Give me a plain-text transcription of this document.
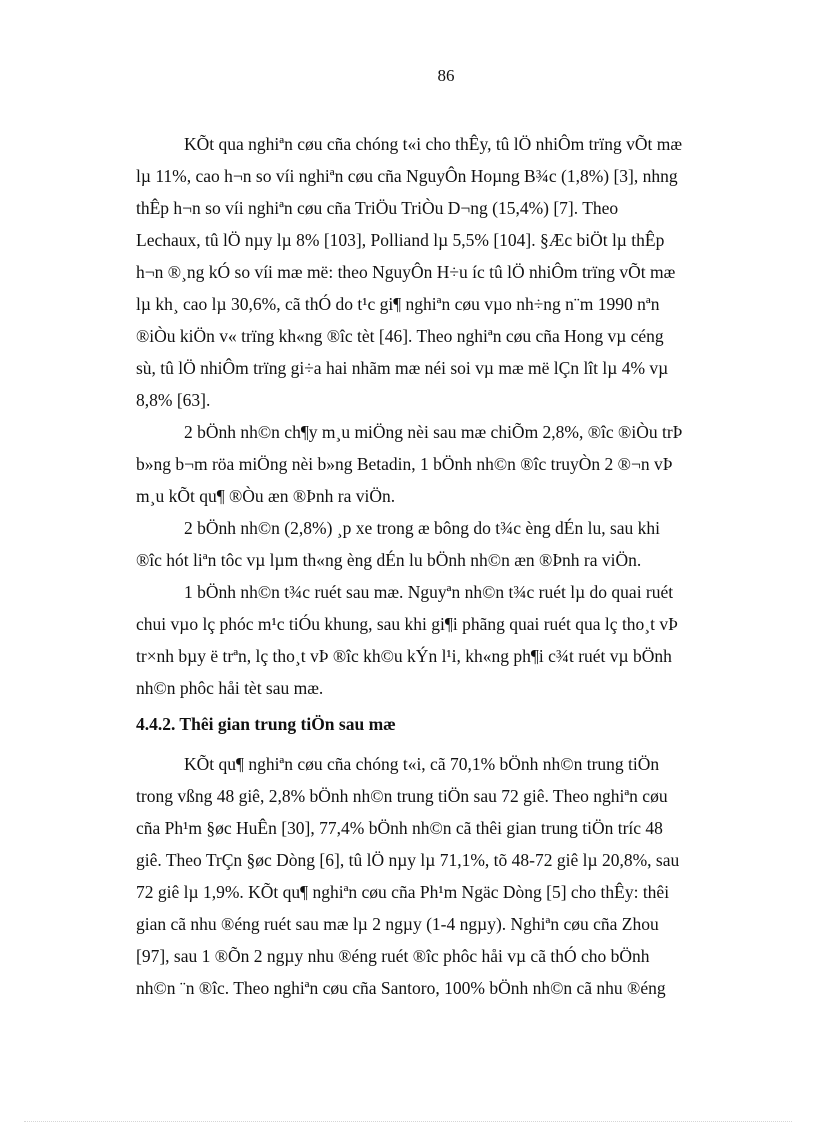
86

KÕt qua nghiªn cøu cña chóng t«i cho thÊy, tû lÖ nhiÔm trïng vÕt mæ
lµ 11%, cao h¬n so víi nghiªn cøu cña NguyÔn Hoµng B¾c (1,8%) [3], nhng
thÊp h¬n so víi nghiªn cøu cña TriÖu TriÒu D¬ng (15,4%) [7]. Theo
Lechaux, tû lÖ nµy lµ 8% [103], Polliand lµ 5,5% [104]. §Æc biÖt lµ thÊp
h¬n ®¸ng kÓ so víi mæ më: theo NguyÔn H÷u íc tû lÖ nhiÔm trïng vÕt mæ
lµ kh¸ cao lµ 30,6%, cã thÓ do t¹c gi¶ nghiªn cøu vµo nh÷ng n¨m 1990 nªn
®iÒu kiÖn v« trïng kh«ng ®îc tèt [46]. Theo nghiªn cøu cña Hong vµ céng
sù, tû lÖ nhiÔm trïng gi÷a hai nhãm mæ néi soi vµ mæ më lÇn lît lµ 4% vµ
8,8% [63].

2 bÖnh nh©n ch¶y m¸u miÖng nèi sau mæ chiÕm 2,8%, ®îc ®iÒu trÞ
b»ng b¬m röa miÖng nèi b»ng Betadin, 1 bÖnh nh©n ®îc truyÒn 2 ®¬n vÞ
m¸u kÕt qu¶ ®Òu æn ®Þnh ra viÖn.

2 bÖnh nh©n (2,8%) ¸p xe trong æ bông do t¾c èng dÉn lu, sau khi
®îc hót liªn tôc vµ lµm th«ng èng dÉn lu bÖnh nh©n æn ®Þnh ra viÖn.

1 bÖnh nh©n t¾c ruét sau mæ. Nguyªn nh©n t¾c ruét lµ do quai ruét
chui vµo lç phóc m¹c tiÓu khung, sau khi gi¶i phãng quai ruét qua lç tho¸t vÞ
tr×nh bµy ë trªn, lç tho¸t vÞ ®îc kh©u kÝn l¹i, kh«ng ph¶i c¾t ruét vµ bÖnh
nh©n phôc håi tèt sau mæ.

4.4.2. Thêi gian trung tiÖn sau mæ

KÕt qu¶ nghiªn cøu cña chóng t«i, cã 70,1% bÖnh nh©n trung tiÖn
trong vßng 48 giê, 2,8% bÖnh nh©n trung tiÖn sau 72 giê. Theo nghiªn cøu
cña Ph¹m §øc HuÊn [30], 77,4% bÖnh nh©n cã thêi gian trung tiÖn tríc 48
giê. Theo TrÇn §øc Dòng [6], tû lÖ nµy lµ 71,1%, tõ 48-72 giê lµ 20,8%, sau
72 giê lµ 1,9%. KÕt qu¶ nghiªn cøu cña Ph¹m Ngäc Dòng [5] cho thÊy: thêi
gian cã nhu ®éng ruét sau mæ lµ 2 ngµy (1-4 ngµy). Nghiªn cøu cña Zhou
[97], sau 1 ®Õn 2 ngµy nhu ®éng ruét ®îc phôc håi vµ cã thÓ cho bÖnh
nh©n ¨n ®îc. Theo nghiªn cøu cña Santoro, 100% bÖnh nh©n cã nhu ®éng
